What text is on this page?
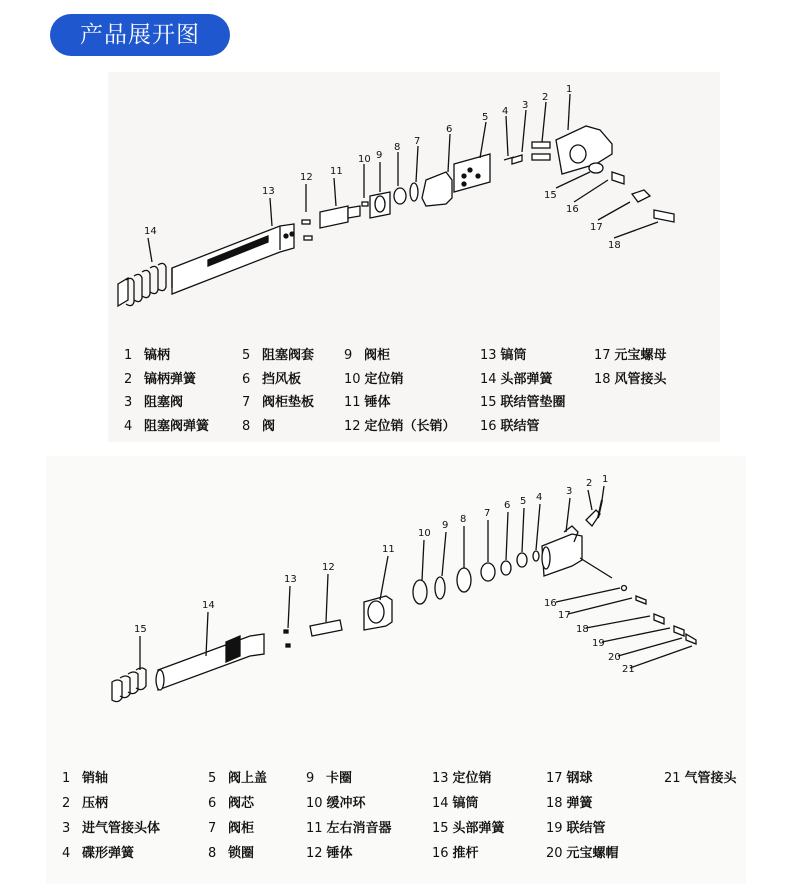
产品展开图
14
13
12
11
10 9
8
7
6
5
4
3
2
1
15
16
17
18
1 镐柄
2 镐柄弹簧
3 阻塞阀
4 阻塞阀弹簧
5 阻塞阀套
6 挡风板
7 阀柜垫板
8 阀
9 阀柜
10 定位销
11 锤体
12 定位销（长销）
13 镐筒
14 头部弹簧
15 联结管垫圈
16 联结管
17 元宝螺母
18 风管接头
15
14
13
12
11
10
9
8
7
6 5 4
3
2 1
16
17
18
19
20
21
1 销轴
2 压柄
3 进气管接头体
4 碟形弹簧
5 阀上盖
6 阀芯
7 阀柜
8 锁圈
9 卡圈
10 缓冲环
11 左右消音器
12 锤体
13 定位销
14 镐筒
15 头部弹簧
16 推杆
17 钢球
18 弹簧
19 联结管
20 元宝螺帽
21 气管接头
